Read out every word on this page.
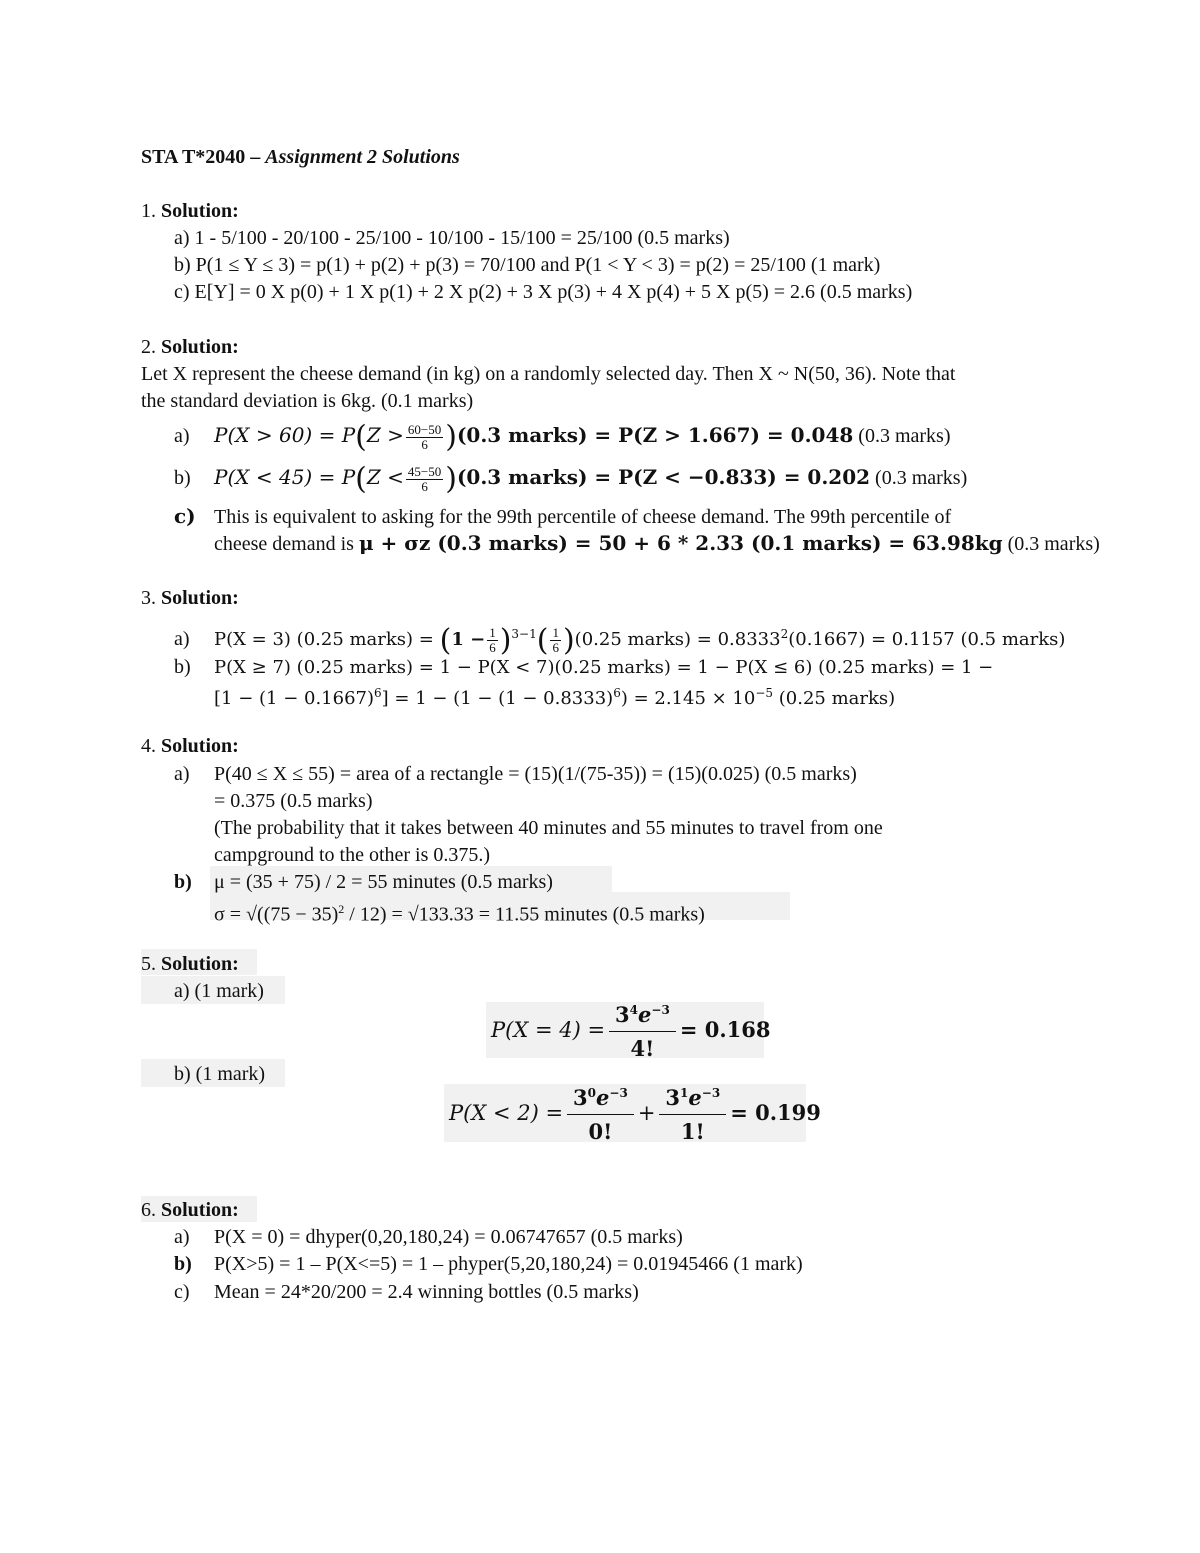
STA T*2040 – Assignment 2 Solutions
1. Solution:
a) 1 - 5/100 - 20/100 - 25/100 - 10/100 - 15/100 = 25/100 (0.5 marks)
b) P(1 ≤ Y ≤ 3) = p(1) + p(2) + p(3) = 70/100 and P(1 < Y < 3) = p(2) = 25/100 (1 mark)
c) E[Y] = 0 X p(0) + 1 X p(1) + 2 X p(2) + 3 X p(3) + 4 X p(4) + 5 X p(5) = 2.6 (0.5 marks)
2. Solution:
Let X represent the cheese demand (in kg) on a randomly selected day. Then X ~ N(50, 36). Note that
the standard deviation is 6kg. (0.1 marks)
a) $P(X > 60) = P(Z > \frac{60-50}{6} )(0.3$ marks) = P(Z > 1.667) = 0.048 (0.3 marks)
b) $P(X < 45) = P(Z < \frac{45-50}{6} )(0.3$ marks) = P(Z < −0.833) = 0.202 (0.3 marks)
c) This is equivalent to asking for the 99th percentile of cheese demand. The 99th percentile of
cheese demand is μ + σz (0.3 marks) = 50 + 6 * 2.33 (0.1 marks) = 63.98kg (0.3 marks)
3. Solution:
a) P(X = 3) (0.25 marks) = $(1 - \frac{1}{6} )^{3-1}( \frac{1}{6} )(0.25$ marks) = $0.8333^2(0.1667) = 0.1157$ (0.5 marks)
b) P(X ≥ 7) (0.25 marks) = 1 − P(X < 7)(0.25 marks) = 1 − P(X ≤ 6) (0.25 marks) = 1 −
$[1 - (1 - 0.1667)^6] = 1 - (1 - (1 - 0.8333)^6) = 2.145 \times 10^{-5}$ (0.25 marks)
4. Solution:
a) P(40 ≤ X ≤ 55) = area of a rectangle = (15)(1/(75-35)) = (15)(0.025) (0.5 marks)
= 0.375 (0.5 marks)
(The probability that it takes between 40 minutes and 55 minutes to travel from one
campground to the other is 0.375.)
b) μ = (35 + 75) / 2 = 55 minutes (0.5 marks)
$\sigma = √((75 - 35)^2 / 12) = √133.33 = 11.55$ minutes (0.5 marks)
5. Solution:
a) (1 mark)
$P(X = 4) = \frac{3^4e^{-3}}{4!} = 0.168$
b) (1 mark)
$P(X < 2) = \frac{3^0e^{-3}}{0!} + \frac{3^1e^{-3}}{1!} = 0.199$
6. Solution:
a) P(X = 0) = dhyper(0,20,180,24) = 0.06747657 (0.5 marks)
b) P(X>5) = 1 – P(X<=5) = 1 – phyper(5,20,180,24) = 0.01945466 (1 mark)
c) Mean = 24*20/200 = 2.4 winning bottles (0.5 marks)
